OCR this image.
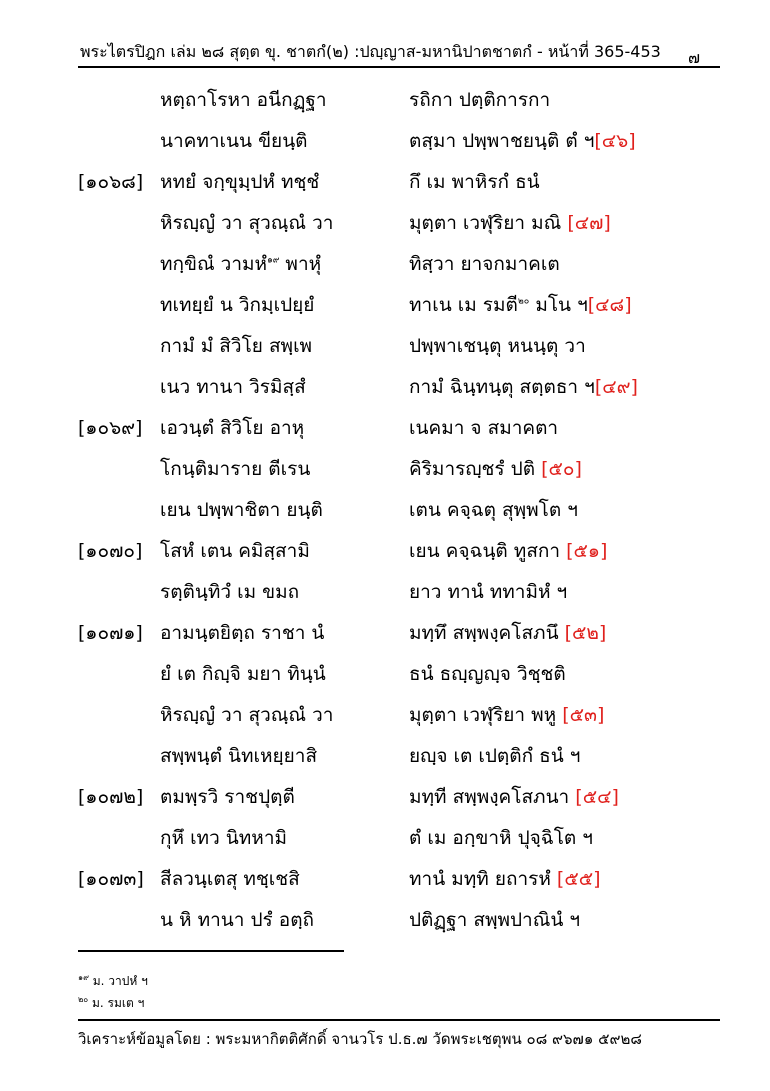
พระไตรปิฎก เล่ม ๒๘ สุตฺต ขุ. ชาตกํ(๒) :ปญฺญาส-มหานิปาตชาตกํ - หน้าที่ 365-453 ๗
หตฺถาโรหา อนีกฏฺฐา	รถิกา ปตฺติการกา
นาคทาเนน ขียนฺติ	ตสฺมา ปพฺพาชยนฺติ ตํ ฯ[๔๖]
[๑๐๖๘] หทยํ จกฺขุมฺปหํ ทชฺชํ	กึ เม พาหิรกํ ธนํ
หิรญฺญํ วา สุวณฺณํ วา	มุตฺตา เวฬุริยา มณิ [๔๗]
ทกฺขิณํ วามหํ$^{๑๙}$ พาหุํ	ทิสฺวา ยาจกมาคเต
ทเทยฺยํ น วิกมฺเปยฺยํ	ทาเน เม รมตี$^{๒๐}$ มโน ฯ[๔๘]
กามํ มํ สิวิโย สพฺเพ	ปพฺพาเชนฺตุ หนนฺตุ วา
เนว ทานา วิรมิสฺสํ	กามํ ฉินฺทนฺตุ สตฺตธา ฯ[๔๙]
[๑๐๖๙] เอวนฺตํ สิวิโย อาหุ	เนคมา จ สมาคตา
โกนฺติมาราย ตีเรน	คิริมารญฺชรํ ปติ [๕๐]
เยน ปพฺพาชิตา ยนฺติ	เตน คจฺฉตุ สุพฺพโต ฯ
[๑๐๗๐] โสหํ เตน คมิสฺสามิ	เยน คจฺฉนฺติ ทูสกา [๕๑]
รตฺตินฺทิวํ เม ขมถ	ยาว ทานํ ททามิหํ ฯ
[๑๐๗๑] อามนฺตยิตฺถ ราชา นํ	มทฺทึ สพฺพงฺคโสภนึ [๕๒]
ยํ เต กิญฺจิ มยา ทินฺนํ	ธนํ ธญฺญญฺจ วิชฺชติ
หิรญฺญํ วา สุวณฺณํ วา	มุตฺตา เวฬุริยา พหู [๕๓]
สพฺพนฺตํ นิทเหยฺยาสิ	ยญฺจ เต เปตฺติกํ ธนํ ฯ
[๑๐๗๒] ตมพฺรวิ ราชปุตฺตี	มทฺที สพฺพงฺคโสภนา [๕๔]
กุหึ เทว นิทหามิ	ตํ เม อกฺขาหิ ปุจฺฉิโต ฯ
[๑๐๗๓] สีลวนฺเตสุ ทชฺเชสิ	ทานํ มทฺทิ ยถารหํ [๕๕]
น หิ ทานา ปรํ อตฺถิ	ปติฏฺฐา สพฺพปาณินํ ฯ
$^{๑๙}$ ม. วาปหํ ฯ
$^{๒๐}$ ม. รมเต ฯ
วิเคราะห์ข้อมูลโดย : พระมหากิตติศักดิ์ จานวโร ป.ธ.๗ วัดพระเชตุพน ๐๘ ๙๖๗๑ ๕๙๒๘
